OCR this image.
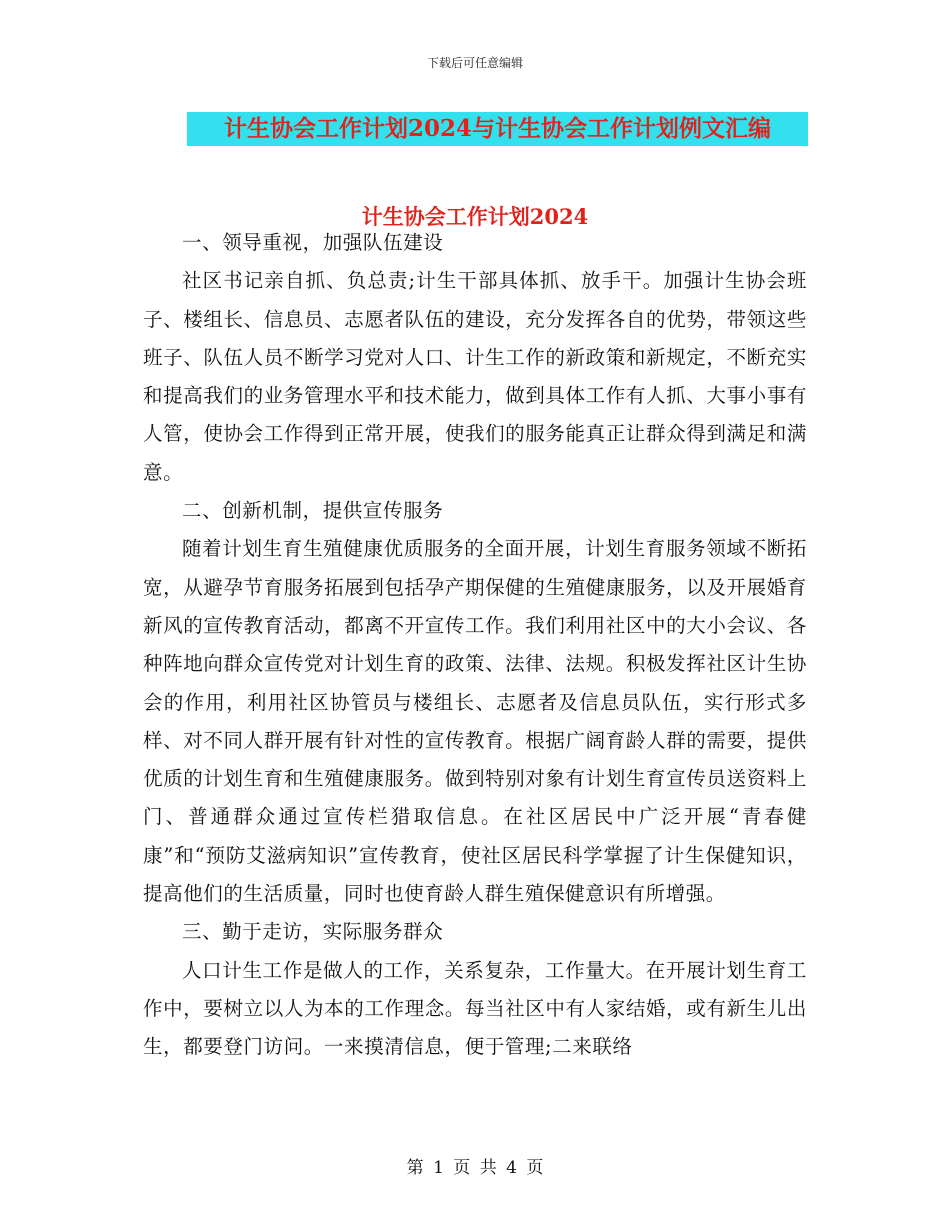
下载后可任意编辑
计生协会工作计划2024与计生协会工作计划例文汇编
计生协会工作计划2024

一、领导重视，加强队伍建设

社区书记亲自抓、负总责;计生干部具体抓、放手干。加强计生协会班子、楼组长、信息员、志愿者队伍的建设，充分发挥各自的优势，带领这些班子、队伍人员不断学习党对人口、计生工作的新政策和新规定，不断充实和提高我们的业务管理水平和技术能力，做到具体工作有人抓、大事小事有人管，使协会工作得到正常开展，使我们的服务能真正让群众得到满足和满意。

二、创新机制，提供宣传服务

随着计划生育生殖健康优质服务的全面开展，计划生育服务领域不断拓宽，从避孕节育服务拓展到包括孕产期保健的生殖健康服务，以及开展婚育新风的宣传教育活动，都离不开宣传工作。我们利用社区中的大小会议、各种阵地向群众宣传党对计划生育的政策、法律、法规。积极发挥社区计生协会的作用，利用社区协管员与楼组长、志愿者及信息员队伍，实行形式多样、对不同人群开展有针对性的宣传教育。根据广阔育龄人群的需要，提供优质的计划生育和生殖健康服务。做到特别对象有计划生育宣传员送资料上门、普通群众通过宣传栏猎取信息。在社区居民中广泛开展“青春健康”和“预防艾滋病知识”宣传教育，使社区居民科学掌握了计生保健知识，提高他们的生活质量，同时也使育龄人群生殖保健意识有所增强。

三、勤于走访，实际服务群众

人口计生工作是做人的工作，关系复杂，工作量大。在开展计划生育工作中，要树立以人为本的工作理念。每当社区中有人家结婚，或有新生儿出生，都要登门访问。一来摸清信息，便于管理;二来联络

第 1 页 共 4 页
